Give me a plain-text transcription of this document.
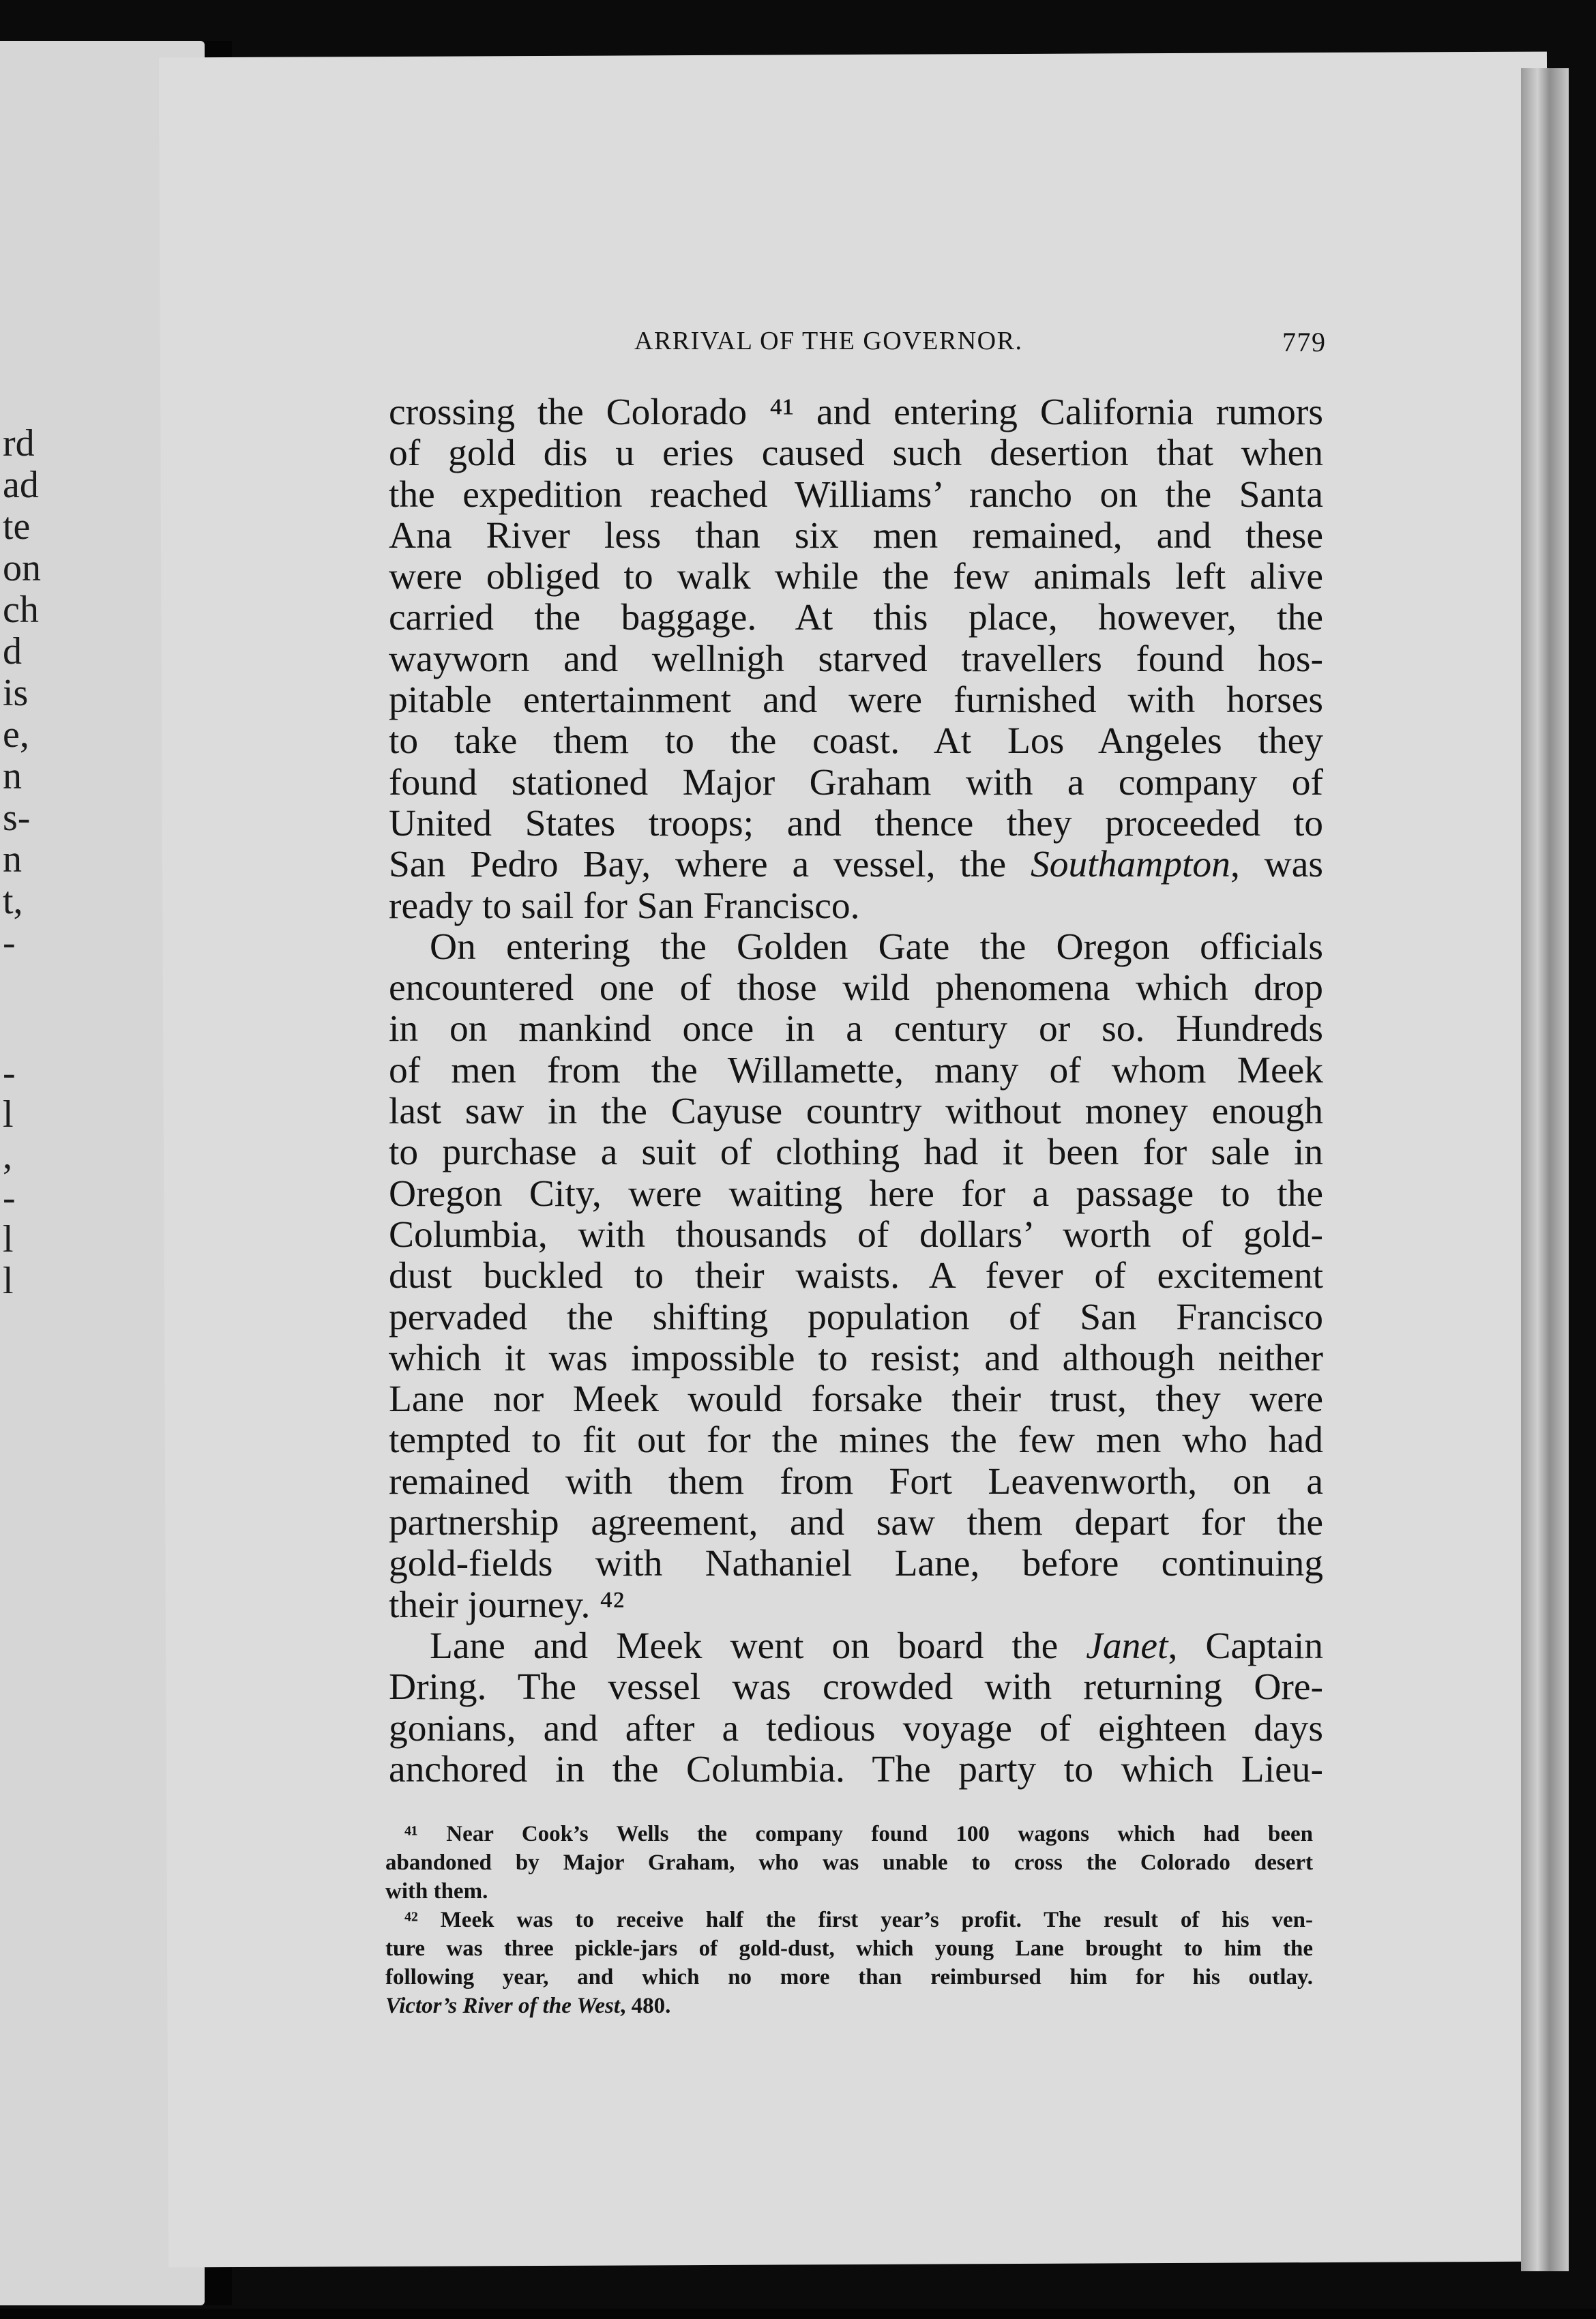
rd
ad
te
on
ch
d
is
e,
n
s-
n
t,
-
-
l
,
-
l
l
ARRIVAL OF THE GOVERNOR.	779
crossing the Colorado ⁴¹ and entering California rumors
of gold dis u eries caused such desertion that when
the expedition reached Williams’ rancho on the Santa
Ana River less than six men remained, and these
were obliged to walk while the few animals left alive
carried the baggage. At this place, however, the
wayworn and wellnigh starved travellers found hos-
pitable entertainment and were furnished with horses
to take them to the coast. At Los Angeles they
found stationed Major Graham with a company of
United States troops; and thence they proceeded to
San Pedro Bay, where a vessel, the Southampton, was
ready to sail for San Francisco.
On entering the Golden Gate the Oregon officials
encountered one of those wild phenomena which drop
in on mankind once in a century or so. Hundreds
of men from the Willamette, many of whom Meek
last saw in the Cayuse country without money enough
to purchase a suit of clothing had it been for sale in
Oregon City, were waiting here for a passage to the
Columbia, with thousands of dollars’ worth of gold-
dust buckled to their waists. A fever of excitement
pervaded the shifting population of San Francisco
which it was impossible to resist; and although neither
Lane nor Meek would forsake their trust, they were
tempted to fit out for the mines the few men who had
remained with them from Fort Leavenworth, on a
partnership agreement, and saw them depart for the
gold-fields with Nathaniel Lane, before continuing
their journey. ⁴²
Lane and Meek went on board the Janet, Captain
Dring. The vessel was crowded with returning Ore-
gonians, and after a tedious voyage of eighteen days
anchored in the Columbia. The party to which Lieu-
⁴¹ Near Cook’s Wells the company found 100 wagons which had been
abandoned by Major Graham, who was unable to cross the Colorado desert
with them.
⁴² Meek was to receive half the first year’s profit. The result of his ven-
ture was three pickle-jars of gold-dust, which young Lane brought to him the
following year, and which no more than reimbursed him for his outlay.
Victor’s River of the West, 480.
